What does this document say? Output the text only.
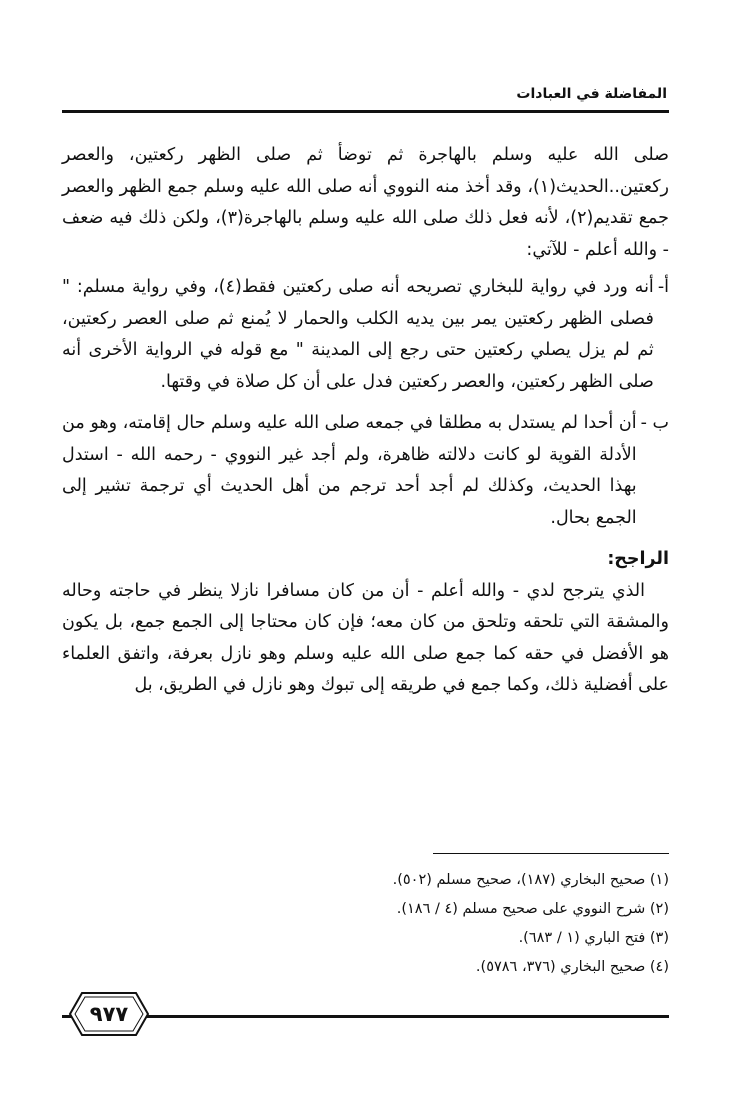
المفاضلة في العبادات

صلى الله عليه وسلم بالهاجرة ثم توضأ ثم صلى الظهر ركعتين، والعصر ركعتين..الحديث(١)، وقد أخذ منه النووي أنه صلى الله عليه وسلم جمع الظهر والعصر جمع تقديم(٢)، لأنه فعل ذلك صلى الله عليه وسلم بالهاجرة(٣)، ولكن ذلك فيه ضعف - والله أعلم - للآتي:

أ-
أنه ورد في رواية للبخاري تصريحه أنه صلى ركعتين فقط(٤)، وفي رواية مسلم: " فصلى الظهر ركعتين يمر بين يديه الكلب والحمار لا يُمنع ثم صلى العصر ركعتين، ثم لم يزل يصلي ركعتين حتى رجع إلى المدينة " مع قوله في الرواية الأخرى أنه صلى الظهر ركعتين، والعصر ركعتين فدل على أن كل صلاة في وقتها.
ب -
أن أحدا لم يستدل به مطلقا في جمعه صلى الله عليه وسلم حال إقامته، وهو من الأدلة القوية لو كانت دلالته ظاهرة، ولم أجد غير النووي - رحمه الله - استدل بهذا الحديث، وكذلك لم أجد أحد ترجم من أهل الحديث أي ترجمة تشير إلى الجمع بحال.

الراجح:

الذي يترجح لدي - والله أعلم - أن من كان مسافرا نازلا ينظر في حاجته وحاله والمشقة التي تلحقه وتلحق من كان معه؛ فإن كان محتاجا إلى الجمع جمع، بل يكون هو الأفضل في حقه كما جمع صلى الله عليه وسلم وهو نازل بعرفة، واتفق العلماء على أفضلية ذلك، وكما جمع في طريقه إلى تبوك وهو نازل في الطريق، بل

(١) صحيح البخاري (١٨٧)، صحيح مسلم (٥٠٢).

(٢) شرح النووي على صحيح مسلم (٤ / ١٨٦).

(٣) فتح الباري (١ / ٦٨٣).

(٤) صحيح البخاري (٣٧٦، ٥٧٨٦).

٩٧٧
